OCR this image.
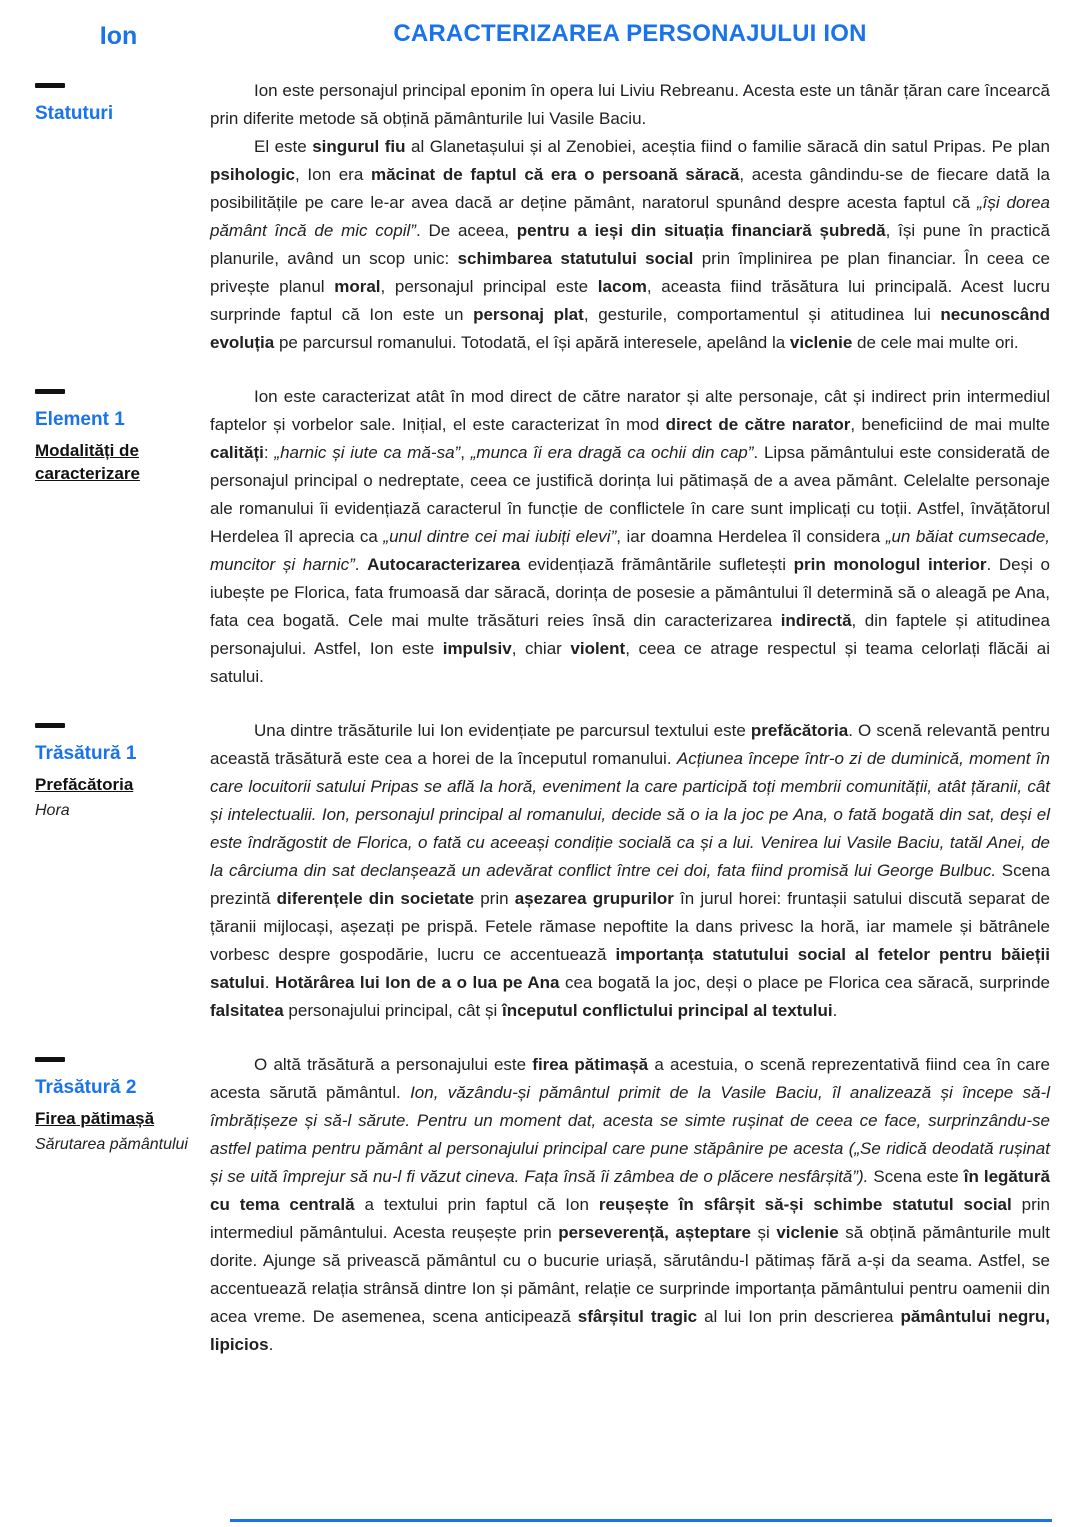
Ion	CARACTERIZAREA PERSONAJULUI ION
Statuturi

Ion este personajul principal eponim în opera lui Liviu Rebreanu. Acesta este un tânăr țăran care încearcă prin diferite metode să obțină pământurile lui Vasile Baciu.

El este singurul fiu al Glanetașului și al Zenobiei, aceștia fiind o familie săracă din satul Pripas. Pe plan psihologic, Ion era măcinat de faptul că era o persoană săracă, acesta gândindu-se de fiecare dată la posibilitățile pe care le-ar avea dacă ar deține pământ, naratorul spunând despre acesta faptul că „își dorea pământ încă de mic copil”. De aceea, pentru a ieși din situația financiară șubredă, își pune în practică planurile, având un scop unic: schimbarea statutului social prin împlinirea pe plan financiar. În ceea ce privește planul moral, personajul principal este lacom, aceasta fiind trăsătura lui principală. Acest lucru surprinde faptul că Ion este un personaj plat, gesturile, comportamentul și atitudinea lui necunoscând evoluția pe parcursul romanului. Totodată, el își apără interesele, apelând la viclenie de cele mai multe ori.

Element 1
Modalități de caracterizare

Ion este caracterizat atât în mod direct de către narator și alte personaje, cât și indirect prin intermediul faptelor și vorbelor sale. Inițial, el este caracterizat în mod direct de către narator, beneficiind de mai multe calități: „harnic și iute ca mă-sa”, „munca îi era dragă ca ochii din cap”. Lipsa pământului este considerată de personajul principal o nedreptate, ceea ce justifică dorința lui pătimașă de a avea pământ. Celelalte personaje ale romanului îi evidențiază caracterul în funcție de conflictele în care sunt implicați cu toții. Astfel, învățătorul Herdelea îl aprecia ca „unul dintre cei mai iubiți elevi”, iar doamna Herdelea îl considera „un băiat cumsecade, muncitor și harnic”. Autocaracterizarea evidențiază frământările sufletești prin monologul interior. Deși o iubește pe Florica, fata frumoasă dar săracă, dorința de posesie a pământului îl determină să o aleagă pe Ana, fata cea bogată. Cele mai multe trăsături reies însă din caracterizarea indirectă, din faptele și atitudinea personajului. Astfel, Ion este impulsiv, chiar violent, ceea ce atrage respectul și teama celorlați flăcăi ai satului.

Trăsătură 1
Prefăcătoria
Hora

Una dintre trăsăturile lui Ion evidențiate pe parcursul textului este prefăcătoria. O scenă relevantă pentru această trăsătură este cea a horei de la începutul romanului. Acțiunea începe într-o zi de duminică, moment în care locuitorii satului Pripas se află la horă, eveniment la care participă toți membrii comunității, atât țăranii, cât și intelectualii. Ion, personajul principal al romanului, decide să o ia la joc pe Ana, o fată bogată din sat, deși el este îndrăgostit de Florica, o fată cu aceeași condiție socială ca și a lui. Venirea lui Vasile Baciu, tatăl Anei, de la cârciuma din sat declanșează un adevărat conflict între cei doi, fata fiind promisă lui George Bulbuc. Scena prezintă diferențele din societate prin așezarea grupurilor în jurul horei: fruntașii satului discută separat de țăranii mijlocași, așezați pe prispă. Fetele rămase nepoftite la dans privesc la horă, iar mamele și bătrânele vorbesc despre gospodărie, lucru ce accentuează importanța statutului social al fetelor pentru băieții satului. Hotărârea lui Ion de a o lua pe Ana cea bogată la joc, deși o place pe Florica cea săracă, surprinde falsitatea personajului principal, cât și începutul conflictului principal al textului.

Trăsătură 2
Firea pătimașă
Sărutarea pământului

O altă trăsătură a personajului este firea pătimașă a acestuia, o scenă reprezentativă fiind cea în care acesta sărută pământul. Ion, văzându-și pământul primit de la Vasile Baciu, îl analizează și începe să-l îmbrățișeze și să-l sărute. Pentru un moment dat, acesta se simte rușinat de ceea ce face, surprinzându-se astfel patima pentru pământ al personajului principal care pune stăpânire pe acesta („Se ridică deodată rușinat și se uită împrejur să nu-l fi văzut cineva. Fața însă îi zâmbea de o plăcere nesfârșită”). Scena este în legătură cu tema centrală a textului prin faptul că Ion reușește în sfârșit să-și schimbe statutul social prin intermediul pământului. Acesta reușește prin perseverență, așteptare și viclenie să obțină pământurile mult dorite. Ajunge să privească pământul cu o bucurie uriașă, sărutându-l pătimaș fără a-și da seama. Astfel, se accentuează relația strânsă dintre Ion și pământ, relație ce surprinde importanța pământului pentru oamenii din acea vreme. De asemenea, scena anticipează sfârșitul tragic al lui Ion prin descrierea pământului negru, lipicios.
